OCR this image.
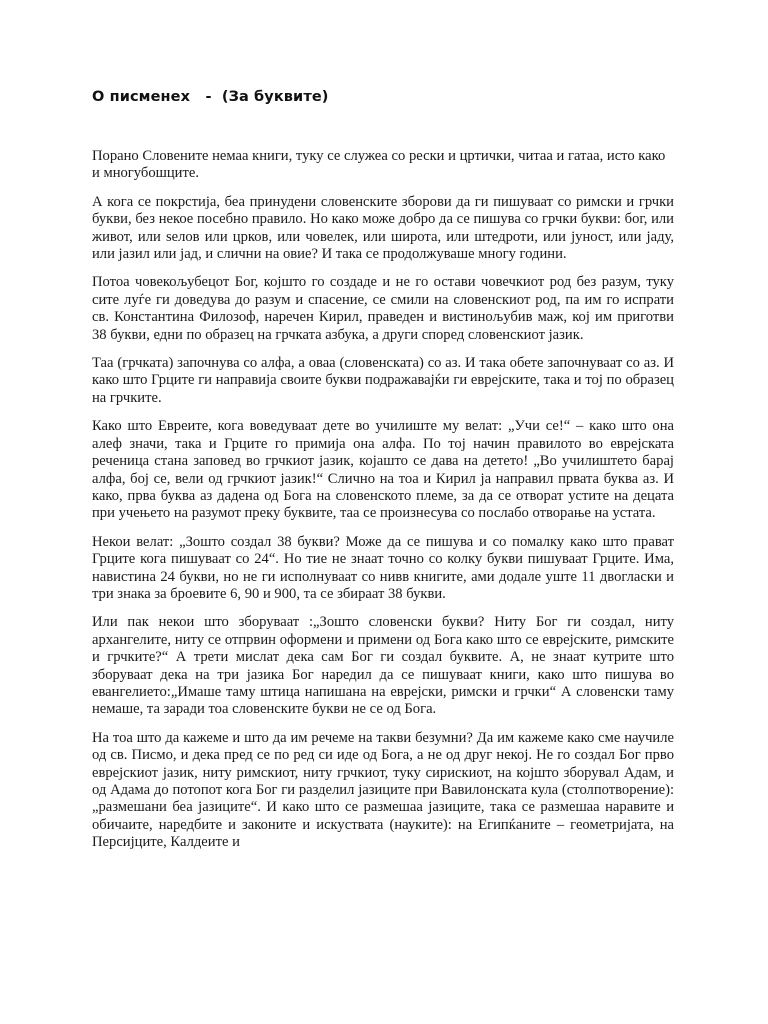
О писменех   -  (За буквите)

Порано Словените немаа книги, туку се служеа со рески и цртички, читаа и гатаа, исто како и многубошците.

А кога се покрстија, беа принудени словенските зборови да ги пишуваат со римски и грчки букви, без некое посебно правило. Но како може добро да се пишува со грчки букви: бог, или живот, или ѕелов или црков, или човелек, или широта, или штедроти, или јуност, или јаду, или јазил или јад, и слични на овие? И така се продолжуваше многу години.

Потоа човекољубецот Бог, којшто го создаде и не го остави човечкиот род без разум, туку сите луѓе ги доведува до разум и спасение, се смили на словенскиот род, па им го испрати св. Константина Филозоф, наречен Кирил, праведен и вистинољубив маж, кој им приготви 38 букви, едни по образец на грчката азбука, а други според словенскиот јазик.

Таа (грчката) започнува со алфа, а оваа (словенската) со аз. И така обете започнуваат со аз. И како што Грците ги направија своите букви подражавајќи ги еврејските, така и тој по образец на грчките.

Како што Евреите, кога воведуваат дете во училиште му велат: „Учи се!“ – како што она алеф значи, така и Грците го примија она алфа. По тој начин правилото во еврејската реченица стана заповед во грчкиот јазик, којашто се дава на детето! „Во училиштето барај алфа, бој се, вели од грчкиот јазик!“ Слично на тоа и Кирил ја направил првата буква аз. И како, прва буква аз дадена од Бога на словенското племе, за да се отворат устите на децата при учењето на разумот преку буквите, таа се произнесува со послабо отворање на устата.

Некои велат: „Зошто создал 38 букви? Може да се пишува и со помалку како што прават Грците кога пишуваат со 24“. Но тие не знаат точно со колку букви пишуваат Грците. Има, навистина 24 букви, но не ги исполнуваат со нивв книгите, ами додале уште 11 двогласки и три знака за броевите 6, 90 и 900, та се збираат 38 букви.

Или пак некои што зборуваат :„Зошто словенски букви? Ниту Бог ги создал, ниту архангелите, ниту се отпрвин оформени и примени од Бога како што се еврејските, римските и грчките?“ А трети мислат дека сам Бог ги создал буквите. А, не знаат кутрите што зборуваат дека на три јазика Бог наредил да се пишуваат книги, како што пишува во евангелието:„Имаше таму штица напишана на еврејски, римски и грчки“ А словенски таму немаше, та заради тоа словенските букви не се од Бога.

На тоа што да кажеме и што да им речеме на такви безумни? Да им кажеме како сме научиле од св. Писмо, и дека пред се по ред си иде од Бога, а не од друг некој. Не го создал Бог прво еврејскиот јазик, ниту римскиот, ниту грчкиот, туку сирискиот, на којшто зборувал Адам, и од Адама до потопот кога Бог ги разделил јазиците при Вавилонската кула (столпотворение): „размешани беа јазиците“. И како што се размешаа јазиците, така се размешаа наравите и обичаите, наредбите и законите и искуствата (науките): на Египќаните – геометријата, на Персијците, Калдеите и
